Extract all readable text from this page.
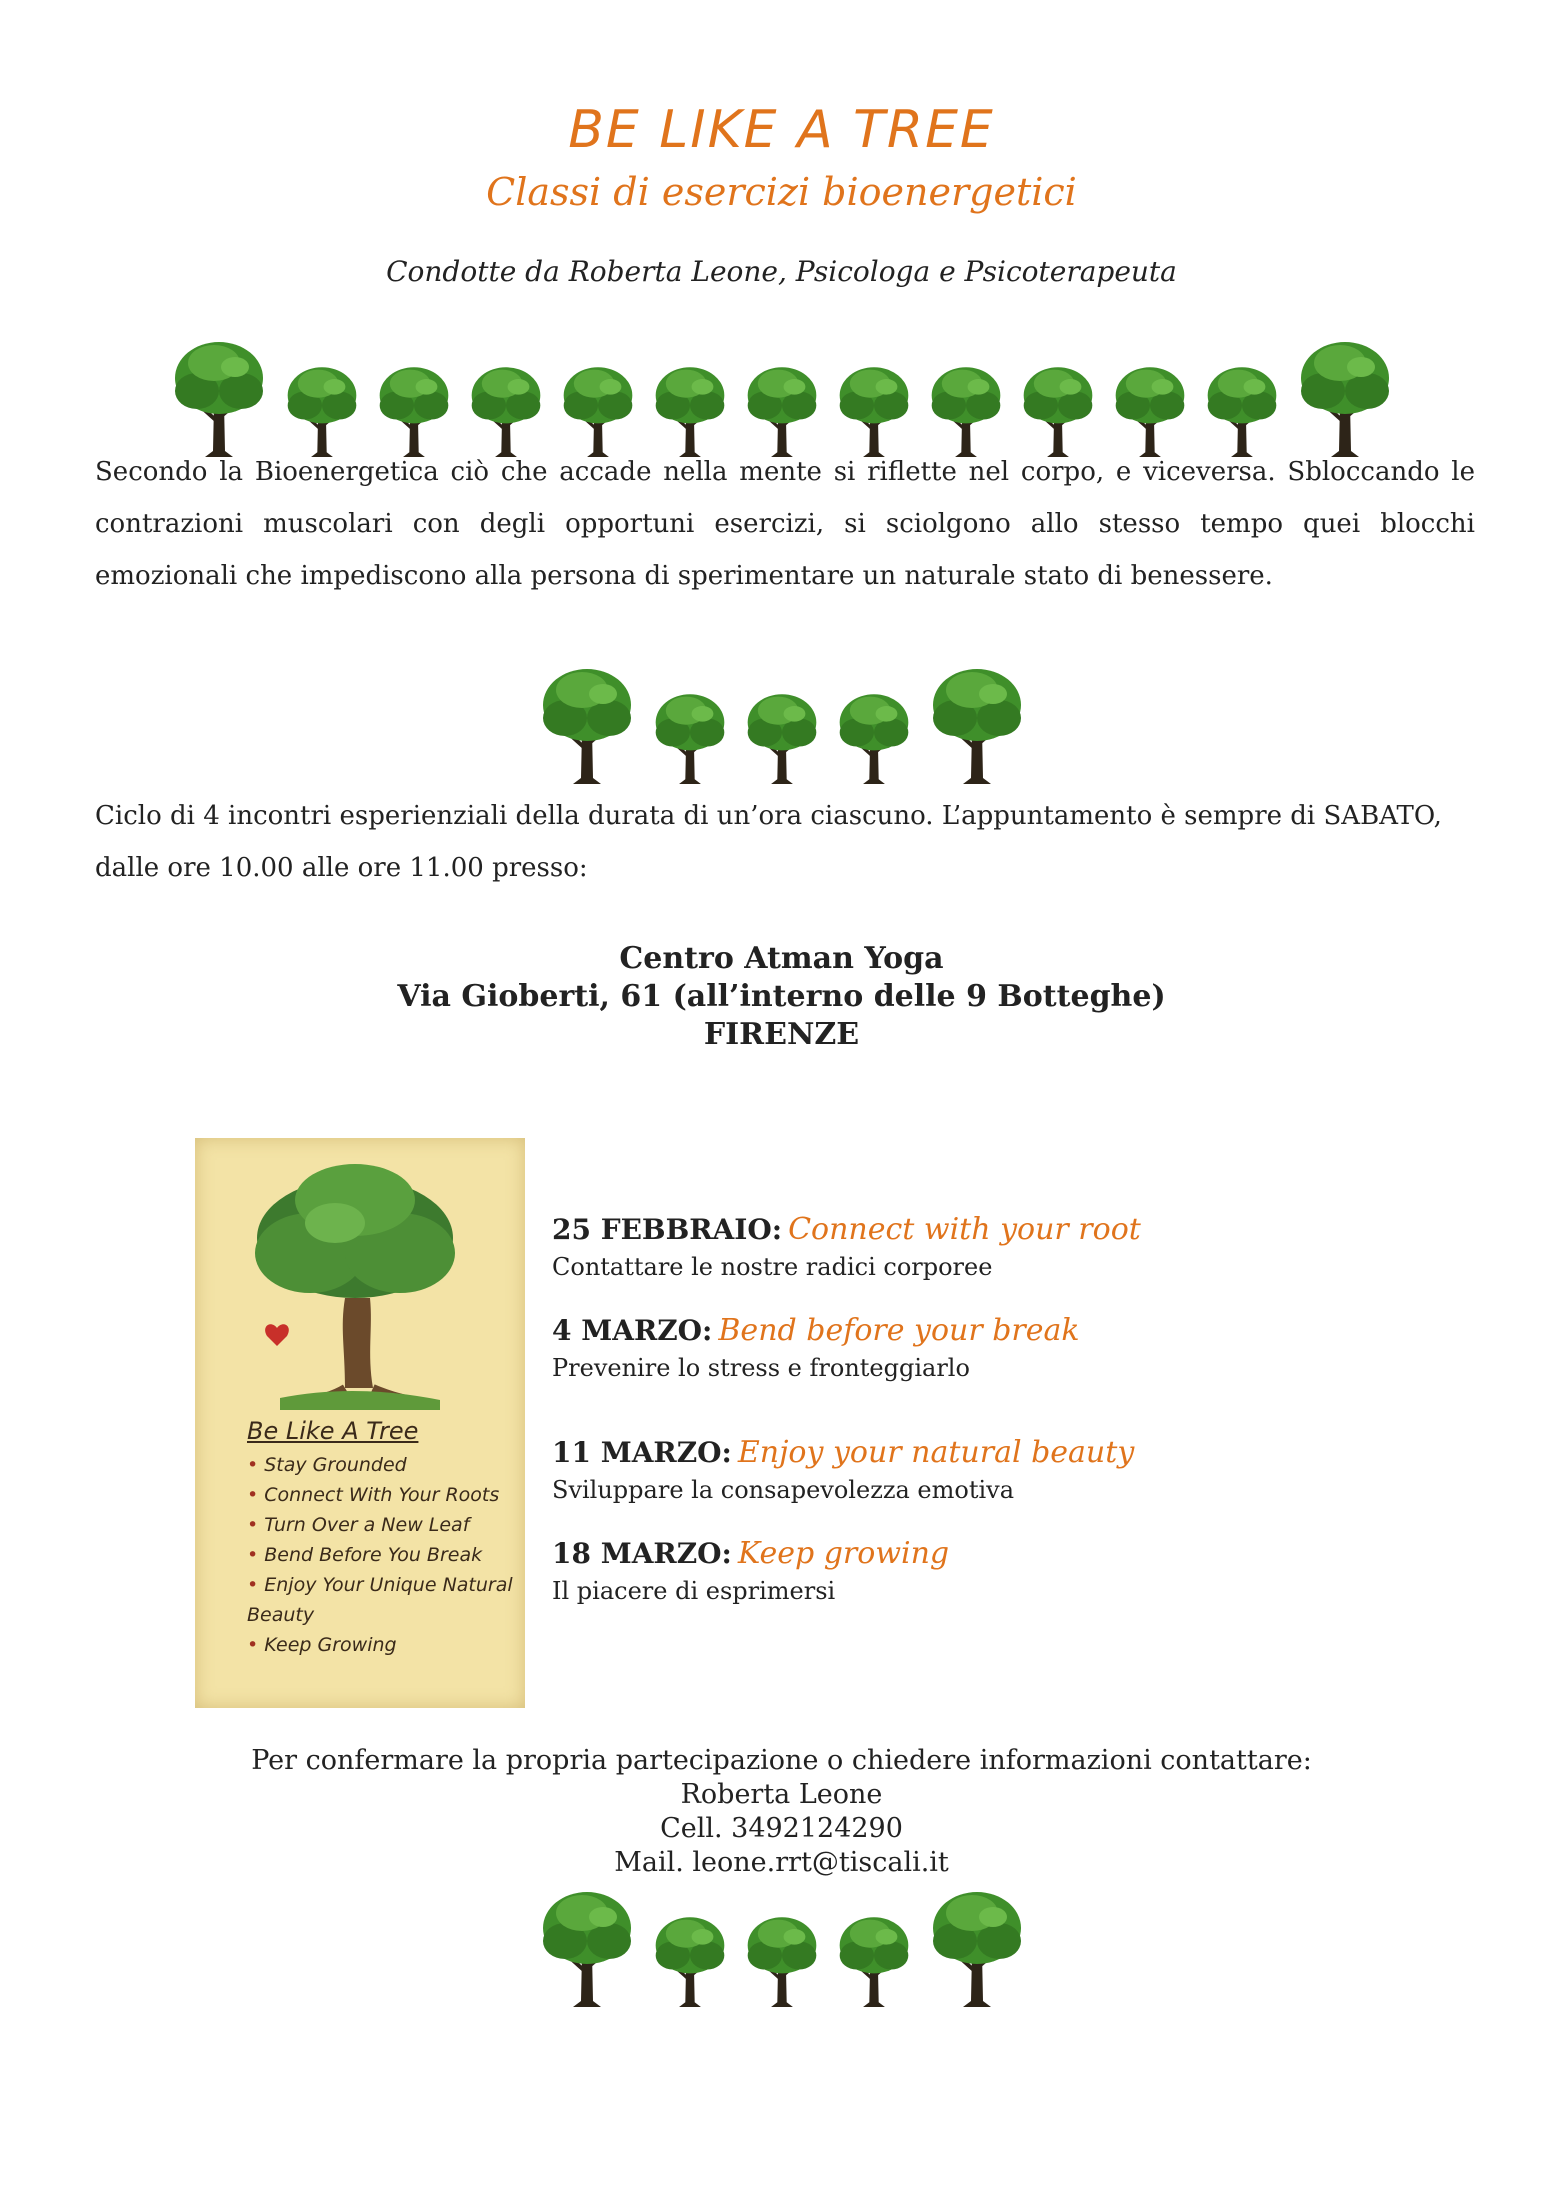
BE LIKE A TREE
Classi di esercizi bioenergetici
Condotte da Roberta Leone, Psicologa e Psicoterapeuta

Secondo la Bioenergetica ciò che accade nella mente si riflette nel corpo, e viceversa. Sbloccando le contrazioni muscolari con degli opportuni esercizi, si sciolgono allo stesso tempo quei blocchi emozionali che impediscono alla persona di sperimentare un naturale stato di benessere.

Ciclo di 4 incontri esperienziali della durata di un’ora ciascuno. L’appuntamento è sempre di SABATO, dalle ore 10.00 alle ore 11.00 presso:

Centro Atman Yoga
Via Gioberti, 61 (all’interno delle 9 Botteghe)
FIRENZE
Be Like A Tree
• Stay Grounded
• Connect With Your Roots
• Turn Over a New Leaf
• Bend Before You Break
• Enjoy Your Unique Natural Beauty
• Keep Growing
25 FEBBRAIO: Connect with your root
Contattare le nostre radici corporee
4 MARZO: Bend before your break
Prevenire lo stress e fronteggiarlo
11 MARZO: Enjoy your natural beauty
Sviluppare la consapevolezza emotiva
18 MARZO: Keep growing
Il piacere di esprimersi
Per confermare la propria partecipazione o chiedere informazioni contattare:
Roberta Leone
Cell. 3492124290
Mail. leone.rrt@tiscali.it
